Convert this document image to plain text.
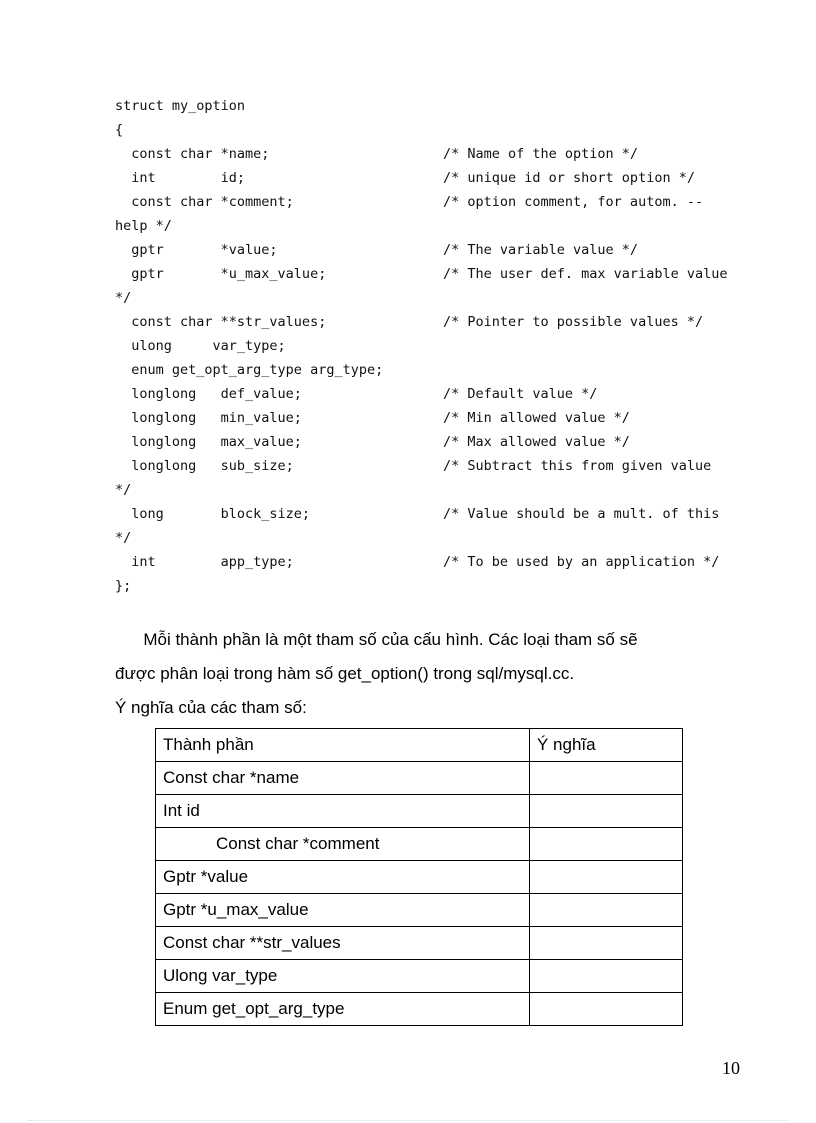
struct my_option
{
const char *name;	/* Name of the option */
int        id;	/* unique id or short option */
const char *comment;	/* option comment, for autom. --
help */
gptr       *value;	/* The variable value */
gptr       *u_max_value;	/* The user def. max variable value
*/
const char **str_values;	/* Pointer to possible values */
ulong     var_type;
enum get_opt_arg_type arg_type;
longlong   def_value;	/* Default value */
longlong   min_value;	/* Min allowed value */
longlong   max_value;	/* Max allowed value */
longlong   sub_size;	/* Subtract this from given value
*/
long       block_size;	/* Value should be a mult. of this
*/
int        app_type;	/* To be used by an application */
};
Mỗi thành phần là một tham số của cấu hình. Các loại tham số sẽ
được phân loại trong hàm số get_option() trong sql/mysql.cc.
Ý nghĩa của các tham số:
Thành phần	Ý nghĩa
Const char *name	
Int id	
Const char *comment	
Gptr *value	
Gptr *u_max_value	
Const char **str_values	
Ulong var_type	
Enum get_opt_arg_type	
10
